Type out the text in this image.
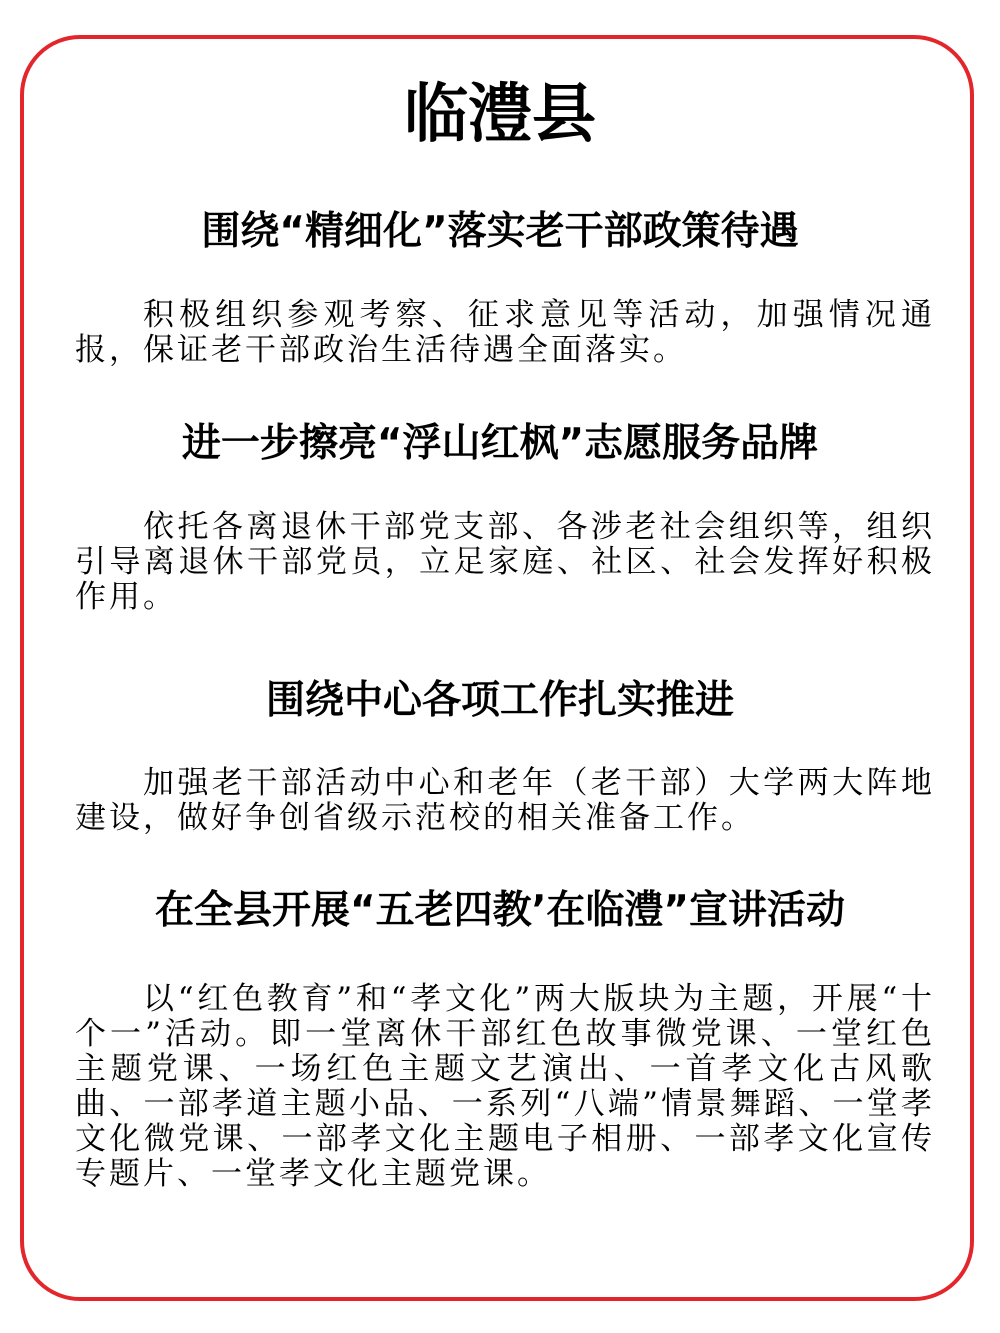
临澧县
围绕“精细化”落实老干部政策待遇

积极组织参观考察、征求意见等活动，加强情况通报，保证老干部政治生活待遇全面落实。

进一步擦亮“浮山红枫”志愿服务品牌

依托各离退休干部党支部、各涉老社会组织等，组织引导离退休干部党员，立足家庭、社区、社会发挥好积极作用。

围绕中心各项工作扎实推进

加强老干部活动中心和老年（老干部）大学两大阵地建设，做好争创省级示范校的相关准备工作。

在全县开展“五老四教’在临澧”宣讲活动

以“红色教育”和“孝文化”两大版块为主题，开展“十个一”活动。即一堂离休干部红色故事微党课、一堂红色主题党课、一场红色主题文艺演出、一首孝文化古风歌曲、一部孝道主题小品、一系列“八端”情景舞蹈、一堂孝文化微党课、一部孝文化主题电子相册、一部孝文化宣传专题片、一堂孝文化主题党课。
